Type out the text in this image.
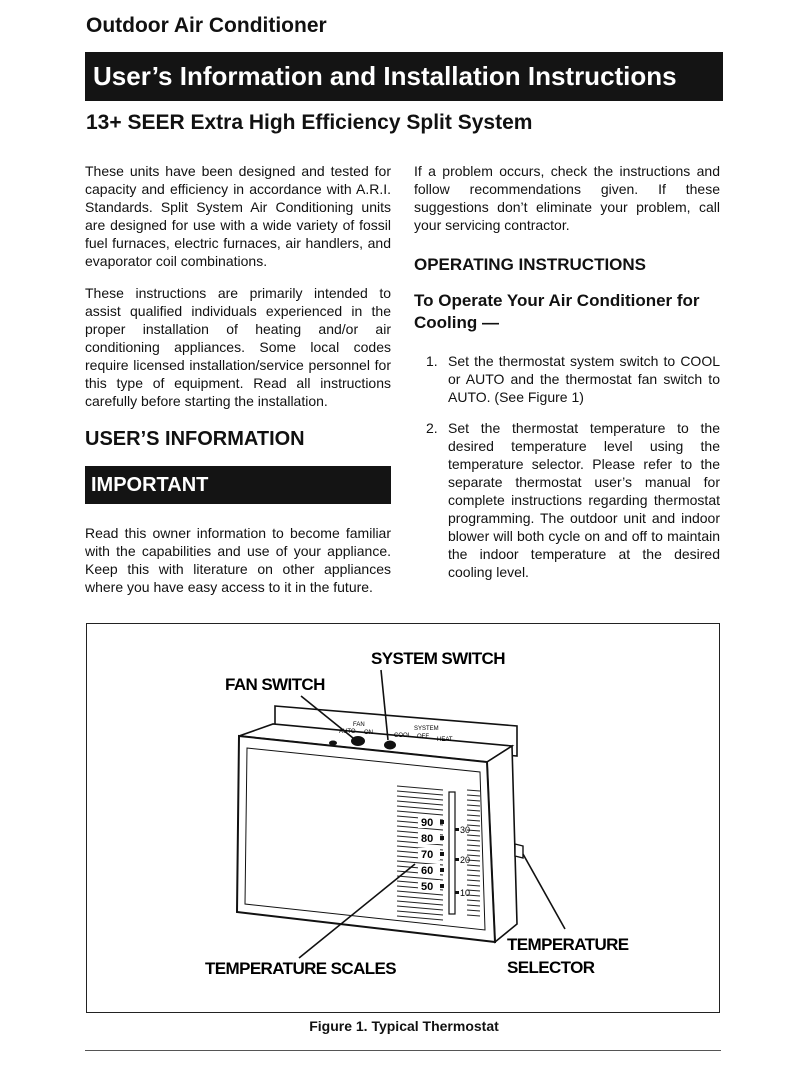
Outdoor Air Conditioner
User’s Information and Installation Instructions
13+ SEER Extra High Efficiency Split System

These units have been designed and tested for capacity and efficiency in accordance with A.R.I. Standards. Split System Air Conditioning units are designed for use with a wide variety of fossil fuel furnaces, electric furnaces, air handlers, and evaporator coil combinations.

These instructions are primarily intended to assist qualified individuals experienced in the proper installation of heating and/or air conditioning appliances. Some local codes require licensed installation/service personnel for this type of equipment. Read all instructions carefully before starting the installation.

USER’S INFORMATION
IMPORTANT

Read this owner information to become familiar with the capabilities and use of your appliance. Keep this with literature on other appliances where you have easy access to it in the future.

If a problem occurs, check the instructions and follow recommendations given. If these suggestions don’t eliminate your problem, call your servicing contractor.

OPERATING INSTRUCTIONS
To Operate Your Air Conditioner for Cooling —
1. Set the thermostat system switch to COOL or AUTO and the thermostat fan switch to AUTO. (See Figure 1)
2. Set the thermostat temperature to the desired temperature level using the temperature selector. Please refer to the separate thermostat user’s manual for complete instructions regarding thermostat programming. The outdoor unit and indoor blower will both cycle on and off to maintain the indoor temperature at the desired cooling level.
SYSTEM SWITCH
FAN SWITCH
TEMPERATURE
SELECTOR
TEMPERATURE SCALES
90
80
70
60
50
30
20
10
FAN
AUTO ON
SYSTEM
COOL OFF HEAT
Figure 1. Typical Thermostat
